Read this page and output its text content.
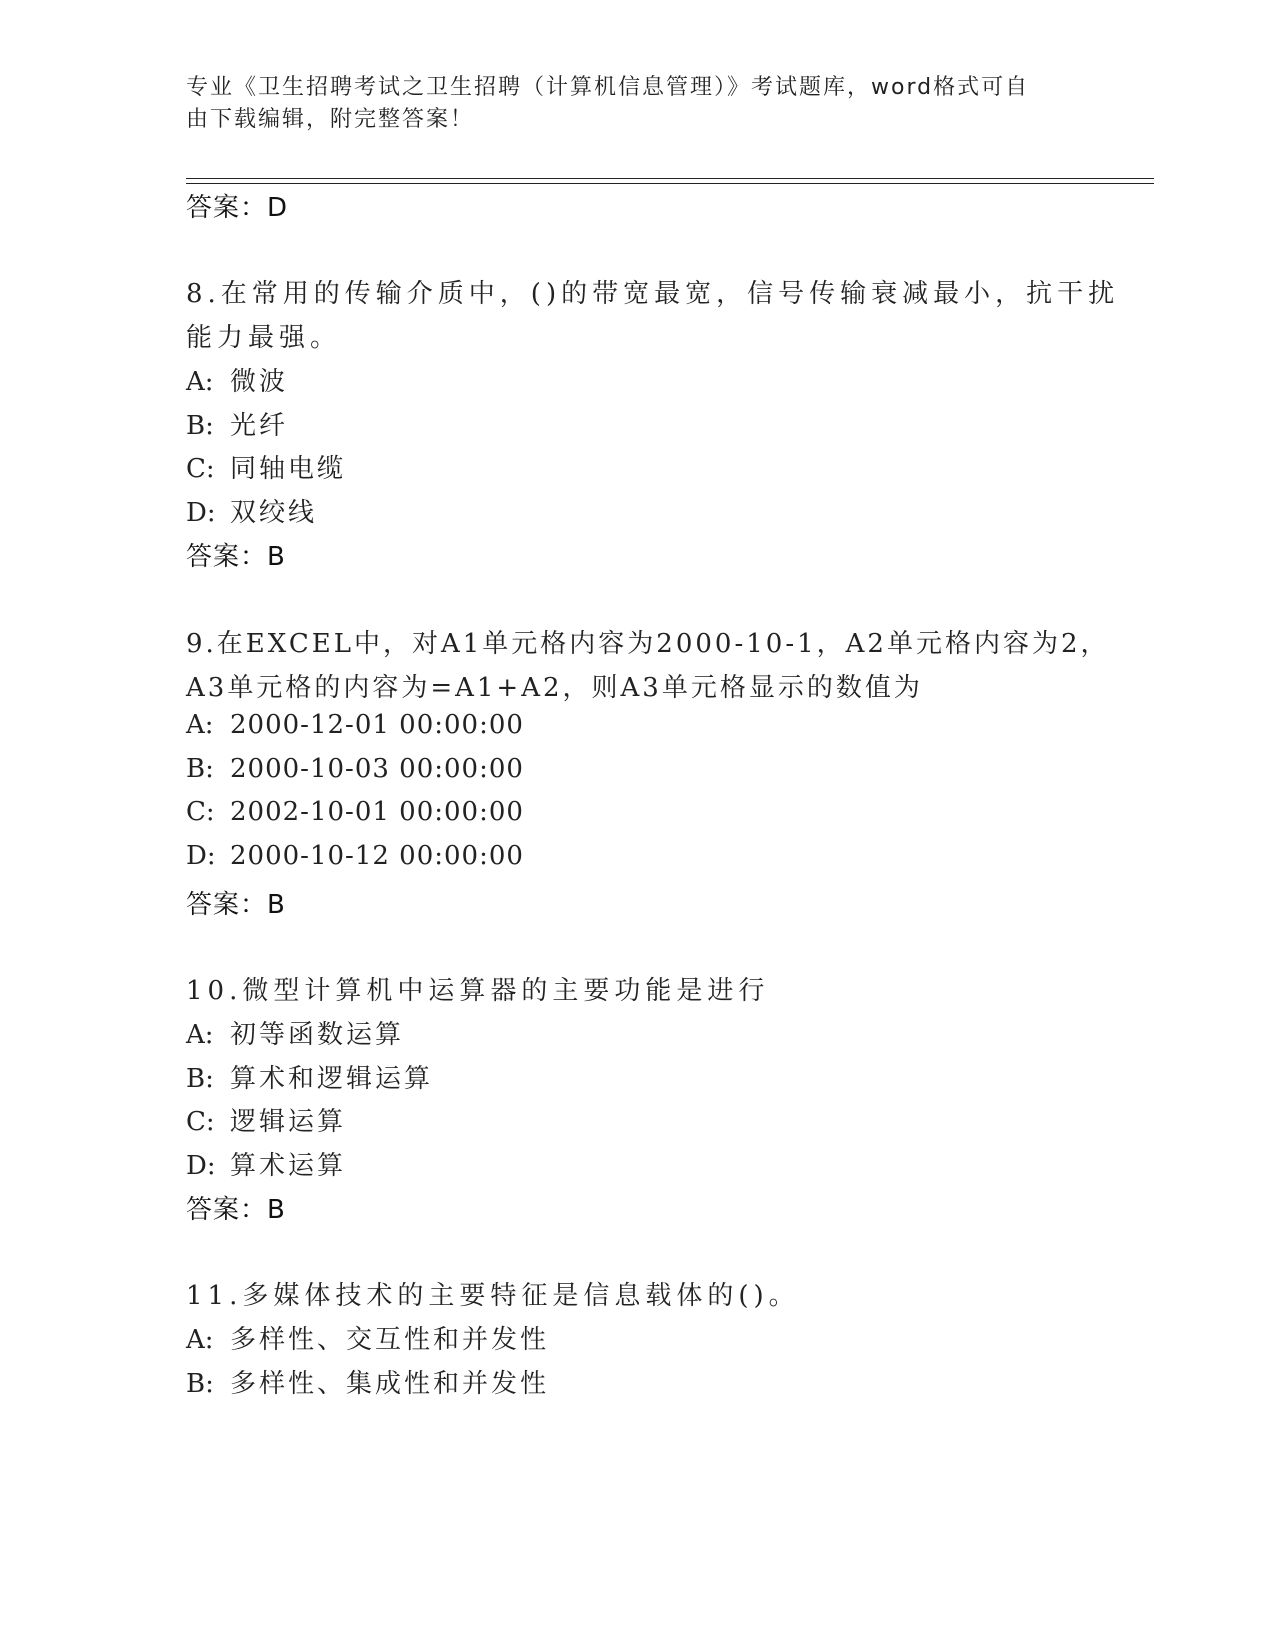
专业《卫生招聘考试之卫生招聘（计算机信息管理）》考试题库，word格式可自
由下载编辑，附完整答案！
答案：D
8.在常用的传输介质中，()的带宽最宽，信号传输衰减最小，抗干扰
能力最强。
A: 微波
B: 光纤
C: 同轴电缆
D: 双绞线
答案：B
9.在EXCEL中，对A1单元格内容为2000-10-1，A2单元格内容为2，
A3单元格的内容为=A1+A2，则A3单元格显示的数值为
A: 2000-12-01 00:00:00
B: 2000-10-03 00:00:00
C: 2002-10-01 00:00:00
D: 2000-10-12 00:00:00
答案：B
10.微型计算机中运算器的主要功能是进行
A: 初等函数运算
B: 算术和逻辑运算
C: 逻辑运算
D: 算术运算
答案：B
11.多媒体技术的主要特征是信息载体的()。
A: 多样性、交互性和并发性
B: 多样性、集成性和并发性
